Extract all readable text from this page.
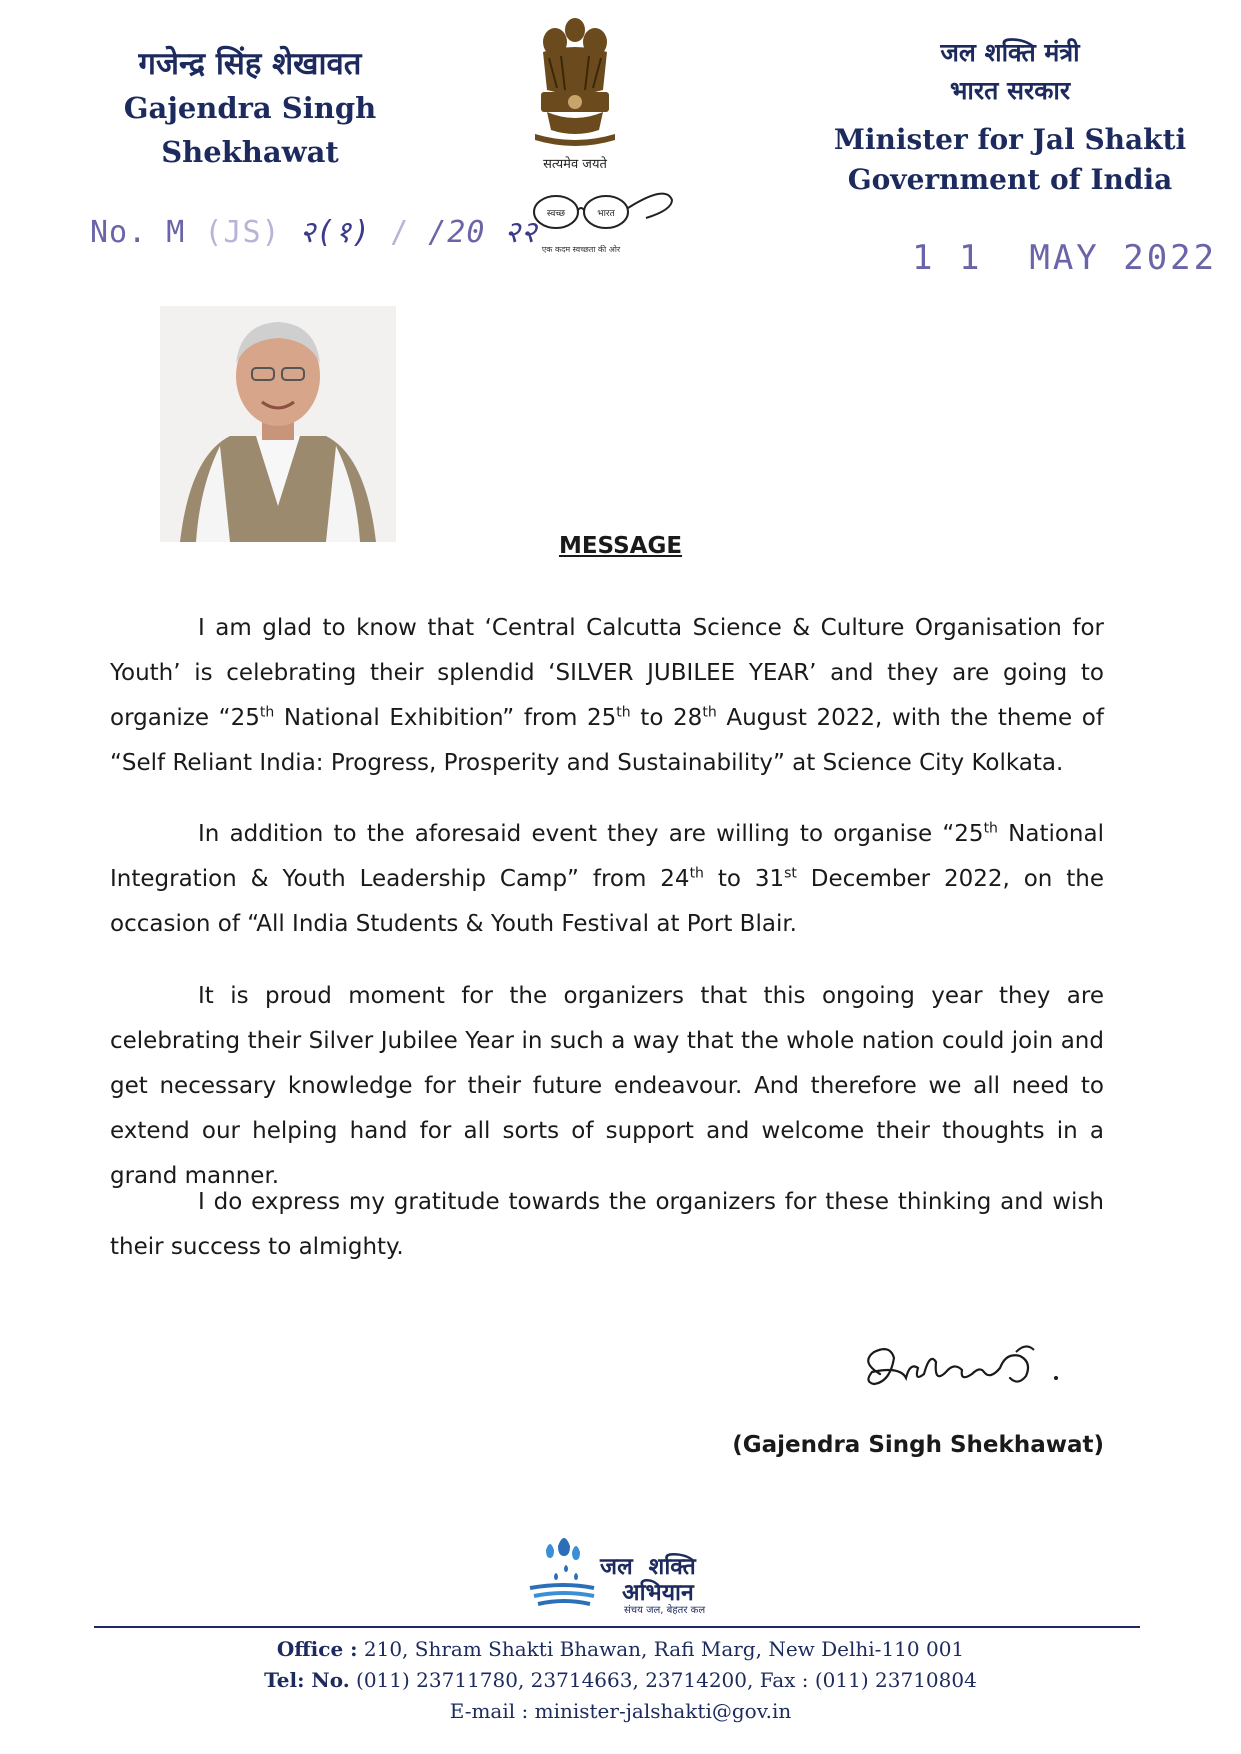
गजेन्द्र सिंह शेखावत
Gajendra Singh Shekhawat	सत्यमेव जयते
जल शक्ति मंत्री
भारत सरकार
Minister for Jal Shakti
Government of India
No. M (JS) २(१) / /20 २२
स्वच्छ	भारत
एक कदम स्वच्छता की ओर	1 1  MAY 2022
MESSAGE
I am glad to know that ‘Central Calcutta Science & Culture Organisation for Youth’ is celebrating their splendid ‘SILVER JUBILEE YEAR’ and they are going to organize “25th National Exhibition” from 25th to 28th August 2022, with the theme of “Self Reliant India: Progress, Prosperity and Sustainability” at Science City Kolkata.
In addition to the aforesaid event they are willing to organise “25th National Integration & Youth Leadership Camp” from 24th to 31st December 2022, on the occasion of “All India Students & Youth Festival at Port Blair.
It is proud moment for the organizers that this ongoing year they are celebrating their Silver Jubilee Year in such a way that the whole nation could join and get necessary knowledge for their future endeavour. And therefore we all need to extend our helping hand for all sorts of support and welcome their thoughts in a grand manner.
I do express my gratitude towards the organizers for these thinking and wish their success to almighty.
(Gajendra Singh Shekhawat)
जल  शक्ति
अभियान
संचय जल, बेहतर कल
Office : 210, Shram Shakti Bhawan, Rafi Marg, New Delhi-110 001
Tel: No. (011) 23711780, 23714663, 23714200, Fax : (011) 23710804
E-mail : minister-jalshakti@gov.in
